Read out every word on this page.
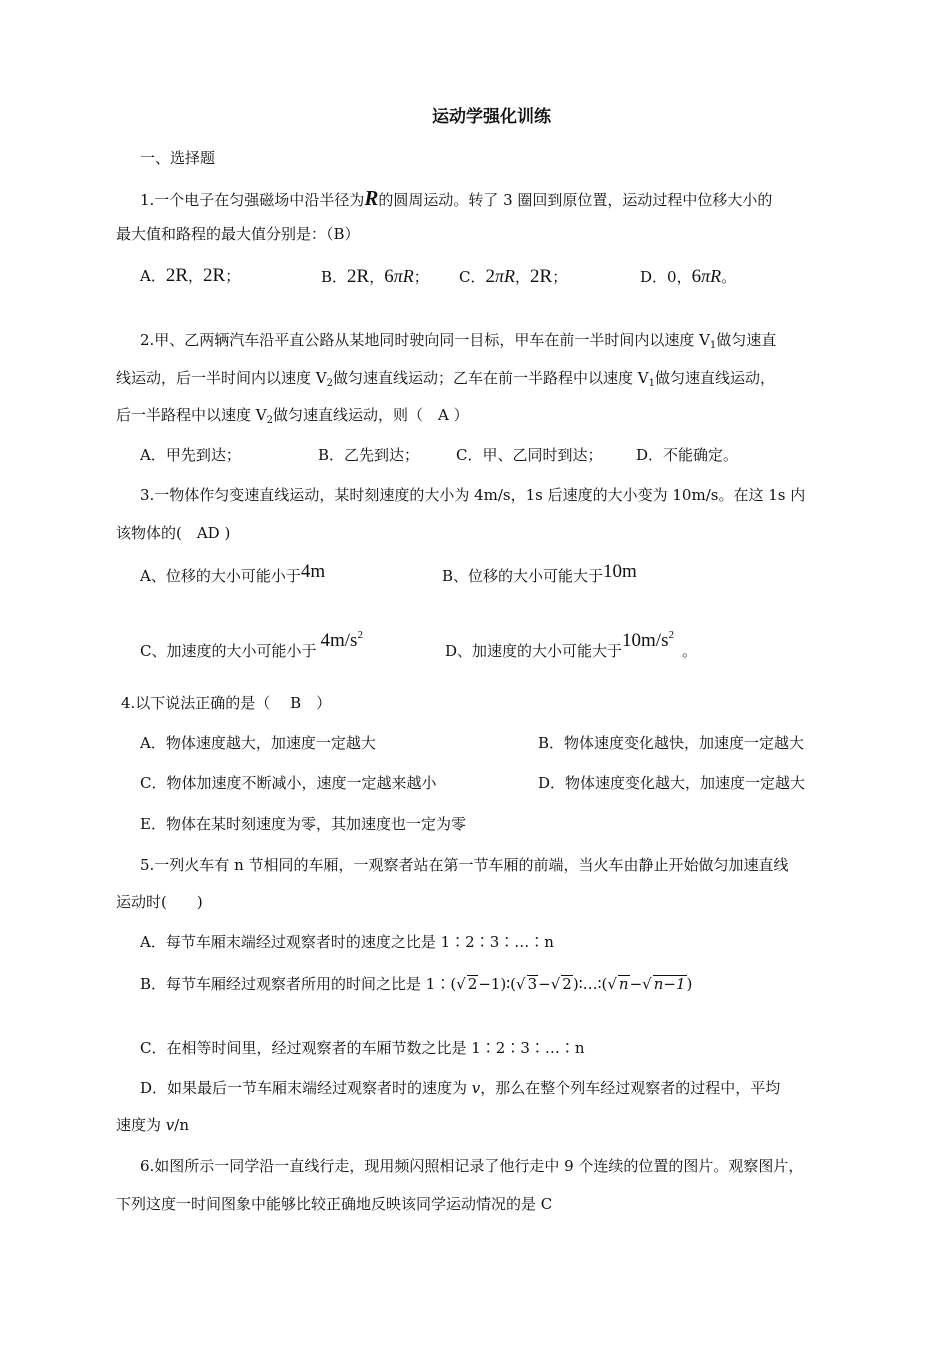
运动学强化训练
一、选择题
1.一个电子在匀强磁场中沿半径为R的圆周运动。转了 3 圈回到原位置，运动过程中位移大小的
最大值和路程的最大值分别是：（B）
A．2R，2R；	B．2R，6πR； C．2πR，2R；	D．0，6πR。
2.甲、乙两辆汽车沿平直公路从某地同时驶向同一目标，甲车在前一半时间内以速度 $V_1$做匀速直
线运动，后一半时间内以速度 $V_2$做匀速直线运动；乙车在前一半路程中以速度 $V_1$做匀速直线运动，
后一半路程中以速度 $V_2$做匀速直线运动，则（　A ）
A．甲先到达；	B．乙先到达； C．甲、乙同时到达； D．不能确定。
3.一物体作匀变速直线运动，某时刻速度的大小为 4m/s，1s 后速度的大小变为 10m/s。在这 1s 内
该物体的(　AD )
A、位移的大小可能小于4m	B、位移的大小可能大于10m
C、加速度的大小可能小于 $4m/s^2$
D、加速度的大小可能大于$10m/s^2$。
4.以下说法正确的是（　 B　）
A．物体速度越大，加速度一定越大	B．物体速度变化越快，加速度一定越大
C．物体加速度不断减小，速度一定越来越小	D．物体速度变化越大，加速度一定越大
E．物体在某时刻速度为零，其加速度也一定为零
5.一列火车有 n 节相同的车厢，一观察者站在第一节车厢的前端，当火车由静止开始做匀加速直线
运动时(　　)
A．每节车厢末端经过观察者时的速度之比是 1∶2∶3∶…∶n
B．每节车厢经过观察者所用的时间之比是 1∶(√ 2−1)∶(√ 3−√ 2)∶…∶(√ n−√ n−1)
C．在相等时间里，经过观察者的车厢节数之比是 1∶2∶3∶…∶n
D．如果最后一节车厢末端经过观察者时的速度为 v，那么在整个列车经过观察者的过程中，平均
速度为 v/n
6.如图所示一同学沿一直线行走，现用频闪照相记录了他行走中 9 个连续的位置的图片。观察图片，
下列这度一时间图象中能够比较正确地反映该同学运动情况的是 C
